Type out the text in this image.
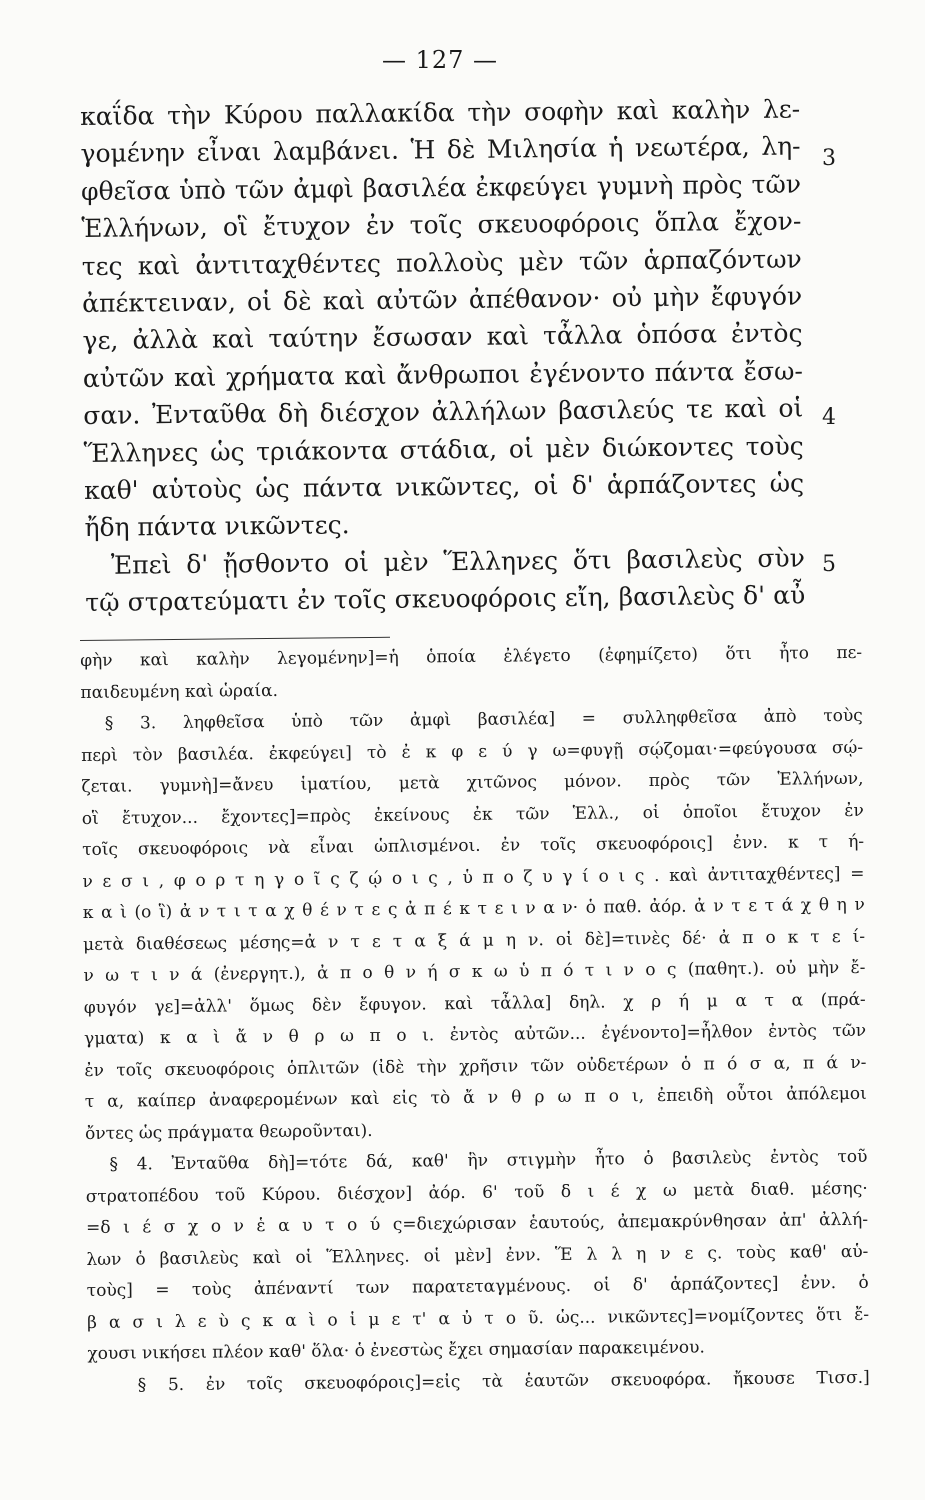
— 127 —
καΐδα τὴν Κύρου παλλακίδα τὴν σοφὴν καὶ καλὴν λε-
γομένην εἶναι λαμβάνει. Ἡ δὲ Μιλησία ἡ νεωτέρα, λη-
φθεῖσα ὑπὸ τῶν ἀμφὶ βασιλέα ἐκφεύγει γυμνὴ πρὸς τῶν
Ἑλλήνων, οἳ ἔτυχον ἐν τοῖς σκευοφόροις ὅπλα ἔχον-
τες καὶ ἀντιταχθέντες πολλοὺς μὲν τῶν ἁρπαζόντων
ἀπέκτειναν, οἱ δὲ καὶ αὐτῶν ἀπέθανον· οὐ μὴν ἔφυγόν
γε, ἀλλὰ καὶ ταύτην ἔσωσαν καὶ τἆλλα ὁπόσα ἐντὸς
αὐτῶν καὶ χρήματα καὶ ἄνθρωποι ἐγένοντο πάντα ἔσω-
σαν. Ἐνταῦθα δὴ διέσχον ἀλλήλων βασιλεύς τε καὶ οἱ
Ἕλληνες ὡς τριάκοντα στάδια, οἱ μὲν διώκοντες τοὺς
καθ' αὑτοὺς ὡς πάντα νικῶντες, οἱ δ' ἁρπάζοντες ὡς
ἤδη πάντα νικῶντες.
Ἐπεὶ δ' ᾔσθοντο οἱ μὲν Ἕλληνες ὅτι βασιλεὺς σὺν
τῷ στρατεύματι ἐν τοῖς σκευοφόροις εἴη, βασιλεὺς δ' αὖ
3
4
5
φὴν καὶ καλὴν λεγομένην]=ἡ ὁποία ἐλέγετο (ἐφημίζετο) ὅτι ἦτο πε-
παιδευμένη καὶ ὡραία.
§ 3. ληφθεῖσα ὑπὸ τῶν ἀμφὶ βασιλέα] = συλληφθεῖσα ἀπὸ τοὺς
περὶ τὸν βασιλέα. ἐκφεύγει] τὸ ἐ κ φ ε ύ γ ω=φυγῇ σῴζομαι·=φεύγουσα σῴ-
ζεται. γυμνὴ]=ἄνευ ἱματίου, μετὰ χιτῶνος μόνον. πρὸς τῶν Ἑλλήνων,
οἳ ἔτυχον... ἔχοντες]=πρὸς ἐκείνους ἐκ τῶν Ἑλλ., οἱ ὁποῖοι ἔτυχον ἐν
τοῖς σκευοφόροις νὰ εἶναι ὡπλισμένοι. ἐν τοῖς σκευοφόροις] ἐνν. κ τ ή-
ν ε σ ι , φ ο ρ τ η γ ο ῖ ς ζ ῴ ο ι ς , ὑ π ο ζ υ γ ί ο ι ς . καὶ ἀντιταχθέντες] =
κ α ὶ (ο ἳ) ἀ ν τ ι τ α χ θ έ ν τ ε ς ἀ π έ κ τ ε ι ν α ν· ὁ παθ. ἀόρ. ἀ ν τ ε τ ά χ θ η ν
μετὰ διαθέσεως μέσης=ἀ ν τ ε τ α ξ ά μ η ν. οἱ δὲ]=τινὲς δέ· ἀ π ο κ τ ε ί-
ν ω τ ι ν ά (ἐνεργητ.), ἀ π ο θ ν ή σ κ ω ὑ π ό τ ι ν ο ς (παθητ.). οὐ μὴν ἔ-
φυγόν γε]=ἀλλ' ὅμως δὲν ἔφυγον. καὶ τἆλλα] δηλ. χ ρ ή μ α τ α (πρά-
γματα) κ α ὶ ἄ ν θ ρ ω π ο ι. ἐντὸς αὐτῶν... ἐγένοντο]=ἦλθον ἐντὸς τῶν
ἐν τοῖς σκευοφόροις ὁπλιτῶν (ἰδὲ τὴν χρῆσιν τῶν οὐδετέρων ὁ π ό σ α, π ά ν-
τ α, καίπερ ἀναφερομένων καὶ εἰς τὸ ἄ ν θ ρ ω π ο ι, ἐπειδὴ οὗτοι ἀπόλεμοι
ὄντες ὡς πράγματα θεωροῦνται).
§ 4. Ἐνταῦθα δὴ]=τότε δά, καθ' ἣν στιγμὴν ἦτο ὁ βασιλεὺς ἐντὸς τοῦ
στρατοπέδου τοῦ Κύρου. διέσχον] ἀόρ. 6' τοῦ δ ι έ χ ω μετὰ διαθ. μέσης·
=δ ι έ σ χ ο ν ἑ α υ τ ο ύ ς=διεχώρισαν ἑαυτούς, ἀπεμακρύνθησαν ἀπ' ἀλλή-
λων ὁ βασιλεὺς καὶ οἱ Ἕλληνες. οἱ μὲν] ἐνν. Ἕ λ λ η ν ε ς. τοὺς καθ' αὑ-
τοὺς] = τοὺς ἀπέναντί των παρατεταγμένους. οἱ δ' ἁρπάζοντες] ἐνν. ὁ
β α σ ι λ ε ὺ ς κ α ὶ ο ἱ μ ε τ' α ὐ τ ο ῦ. ὡς... νικῶντες]=νομίζοντες ὅτι ἔ-
χουσι νικήσει πλέον καθ' ὅλα· ὁ ἐνεστὼς ἔχει σημασίαν παρακειμένου.
§ 5. ἐν τοῖς σκευοφόροις]=εἰς τὰ ἑαυτῶν σκευοφόρα. ἤκουσε Τισσ.]
